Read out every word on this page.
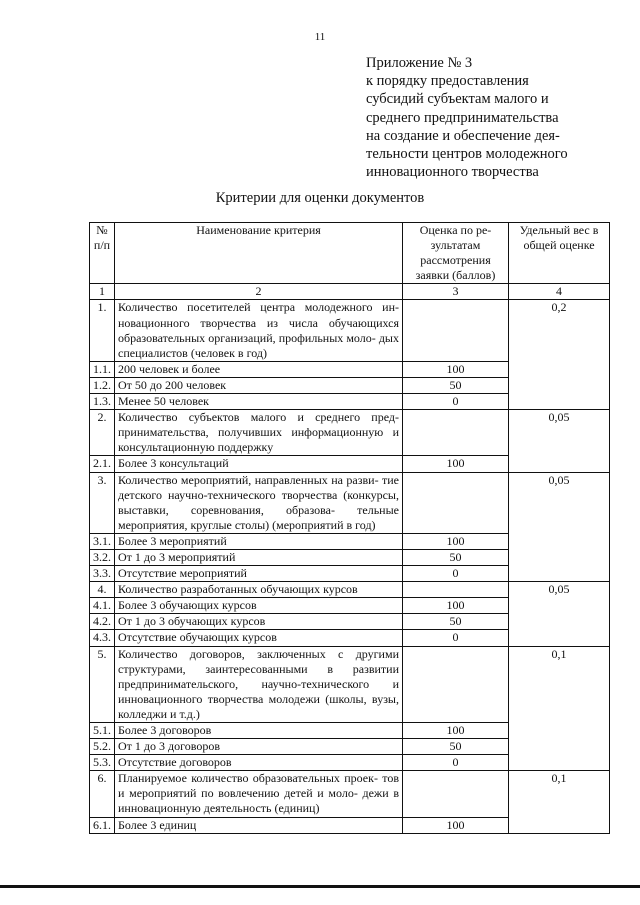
11
Приложение № 3
к порядку предоставления
субсидий субъектам малого и
среднего предпринимательства
на создание и обеспечение дея-
тельности центров молодежного
инновационного творчества
Критерии для оценки документов
№ п/п	Наименование критерия	Оценка по ре- зультатам рассмотрения заявки (баллов)	Удельный вес в общей оценке
1	2	3	4
1.	Количество посетителей центра молодежного ин- новационного творчества из числа обучающихся образовательных организаций, профильных моло- дых специалистов (человек в год)		0,2
1.1.	200 человек и более	100	
1.2.	От 50 до 200 человек	50	
1.3.	Менее 50 человек	0	
2.	Количество субъектов малого и среднего пред- принимательства, получивших информационную и консультационную поддержку		0,05
2.1.	Более 3 консультаций	100	
3.	Количество мероприятий, направленных на разви- тие детского научно-технического творчества (конкурсы, выставки, соревнования, образова- тельные мероприятия, круглые столы) (мероприятий в год)		0,05
3.1.	Более 3 мероприятий	100	
3.2.	От 1 до 3 мероприятий	50	
3.3.	Отсутствие мероприятий	0	
4.	Количество разработанных обучающих курсов		0,05
4.1.	Более 3 обучающих курсов	100	
4.2.	От 1 до 3 обучающих курсов	50	
4.3.	Отсутствие обучающих курсов	0	
5.	Количество договоров, заключенных с другими структурами, заинтересованными в развитии предпринимательского, научно-технического и инновационного творчества молодежи (школы, вузы, колледжи и т.д.)		0,1
5.1.	Более 3 договоров	100	
5.2.	От 1 до 3 договоров	50	
5.3.	Отсутствие договоров	0	
6.	Планируемое количество образовательных проек- тов и мероприятий по вовлечению детей и моло- дежи в инновационную деятельность (единиц)		0,1
6.1.	Более 3 единиц	100	
